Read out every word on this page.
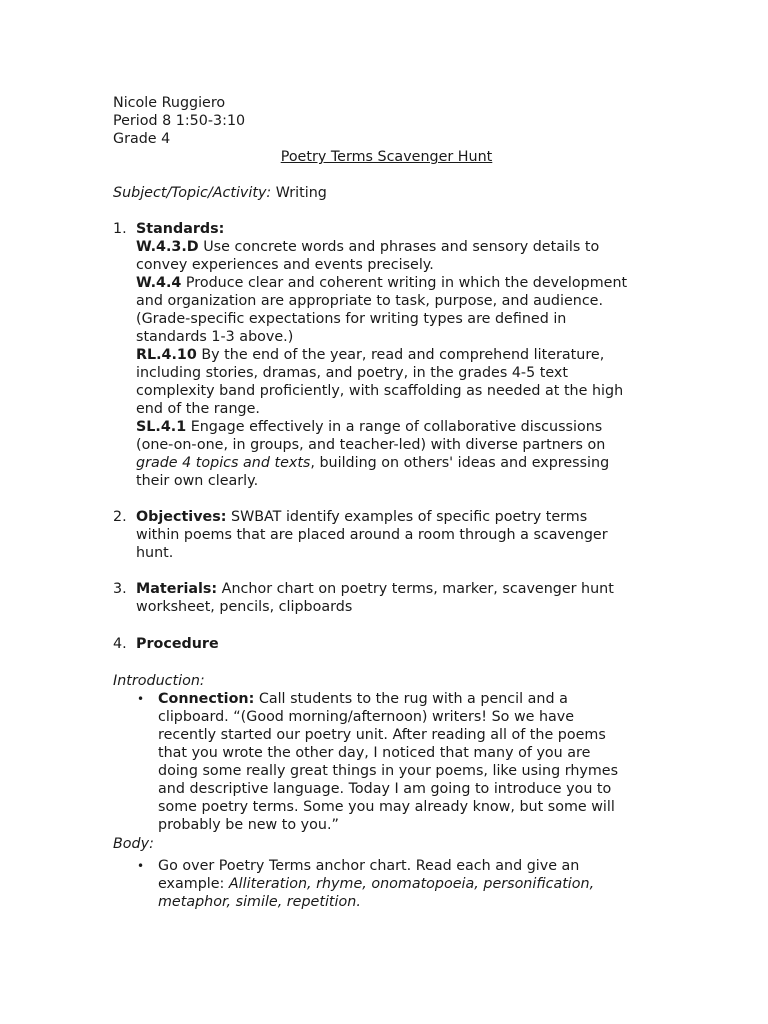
Nicole Ruggiero
Period 8 1:50-3:10
Grade 4
Poetry Terms Scavenger Hunt
Subject/Topic/Activity: Writing
1. Standards:
W.4.3.D Use concrete words and phrases and sensory details to
convey experiences and events precisely.
W.4.4 Produce clear and coherent writing in which the development
and organization are appropriate to task, purpose, and audience.
(Grade-specific expectations for writing types are defined in
standards 1-3 above.)
RL.4.10 By the end of the year, read and comprehend literature,
including stories, dramas, and poetry, in the grades 4-5 text
complexity band proficiently, with scaffolding as needed at the high
end of the range.
SL.4.1 Engage effectively in a range of collaborative discussions
(one-on-one, in groups, and teacher-led) with diverse partners on
grade 4 topics and texts, building on others' ideas and expressing
their own clearly.
2. Objectives: SWBAT identify examples of specific poetry terms
within poems that are placed around a room through a scavenger
hunt.
3. Materials: Anchor chart on poetry terms, marker, scavenger hunt
worksheet, pencils, clipboards
4. Procedure
Introduction:
• Connection: Call students to the rug with a pencil and a
clipboard. “(Good morning/afternoon) writers! So we have
recently started our poetry unit. After reading all of the poems
that you wrote the other day, I noticed that many of you are
doing some really great things in your poems, like using rhymes
and descriptive language. Today I am going to introduce you to
some poetry terms. Some you may already know, but some will
probably be new to you.”
Body:
• Go over Poetry Terms anchor chart. Read each and give an
example: Alliteration, rhyme, onomatopoeia, personification,
metaphor, simile, repetition.
